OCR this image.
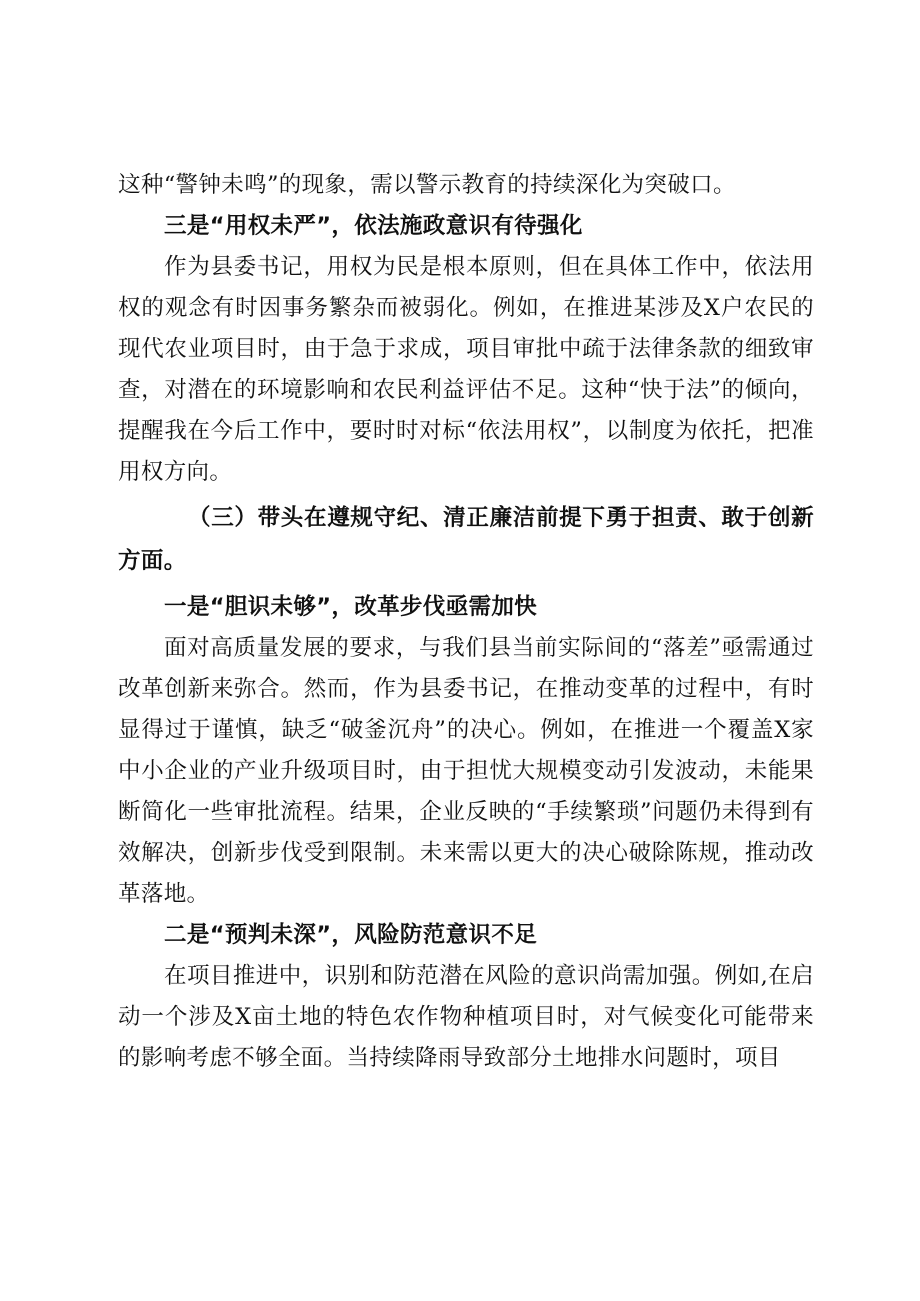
这种“警钟未鸣”的现象，需以警示教育的持续深化为突破口。

三是“用权未严”，依法施政意识有待强化

作为县委书记，用权为民是根本原则，但在具体工作中，依法用权的观念有时因事务繁杂而被弱化。例如，在推进某涉及X户农民的现代农业项目时，由于急于求成，项目审批中疏于法律条款的细致审查，对潜在的环境影响和农民利益评估不足。这种“快于法”的倾向，提醒我在今后工作中，要时时对标“依法用权”，以制度为依托，把准用权方向。

（三）带头在遵规守纪、清正廉洁前提下勇于担责、敢于创新方面。

一是“胆识未够”，改革步伐亟需加快

面对高质量发展的要求，与我们县当前实际间的“落差”亟需通过改革创新来弥合。然而，作为县委书记，在推动变革的过程中，有时显得过于谨慎，缺乏“破釜沉舟”的决心。例如，在推进一个覆盖X家中小企业的产业升级项目时，由于担忧大规模变动引发波动，未能果断简化一些审批流程。结果，企业反映的“手续繁琐”问题仍未得到有效解决，创新步伐受到限制。未来需以更大的决心破除陈规，推动改革落地。

二是“预判未深”，风险防范意识不足

在项目推进中，识别和防范潜在风险的意识尚需加强。例如,在启动一个涉及X亩土地的特色农作物种植项目时，对气候变化可能带来的影响考虑不够全面。当持续降雨导致部分土地排水问题时，项目
